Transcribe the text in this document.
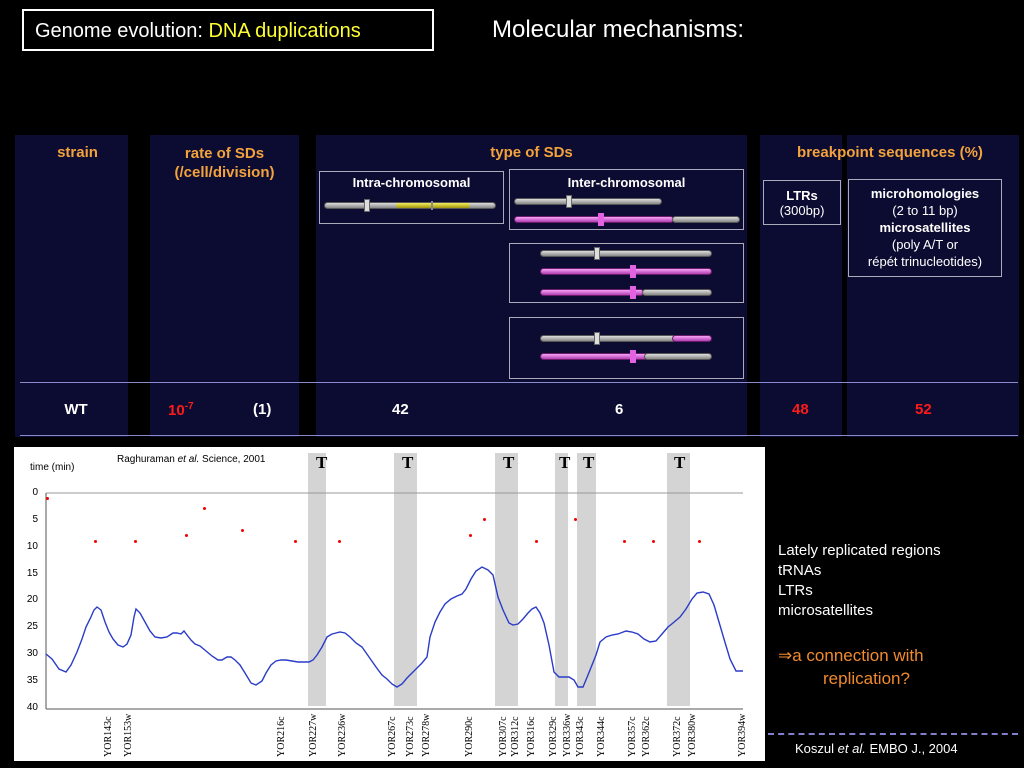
Genome evolution: DNA duplications	Molecular mechanisms:
strain	rate of SDs (/cell/division)
type of SDs	breakpoint sequences (%)
Intra-chromosomal	Inter-chromosomal
LTRs
(300bp)
microhomologies
(2 to 11 bp)
microsatellites
(poly A/T or
répét trinucleotides)
WT	$10^{-7}$	(1)	42	6	48	52
Raghuraman et al. Science, 2001
time (min)	T	T	T	T T	T
0
5
10
15
20
25
30
35
40
YOR143c YOR153w	YOR216c YOR227w YOR236w	YOR267c YOR273c YOR278w	YOR290c YOR307c YOR312c YOR316c YOR329c YOR336w YOR343c YOR344c YOR357c YOR362c YOR372c YOR380w	YOR394w
Lately replicated regions
tRNAs
LTRs
microsatellites
⇒a connection with
replication?
Koszul et al. EMBO J., 2004
